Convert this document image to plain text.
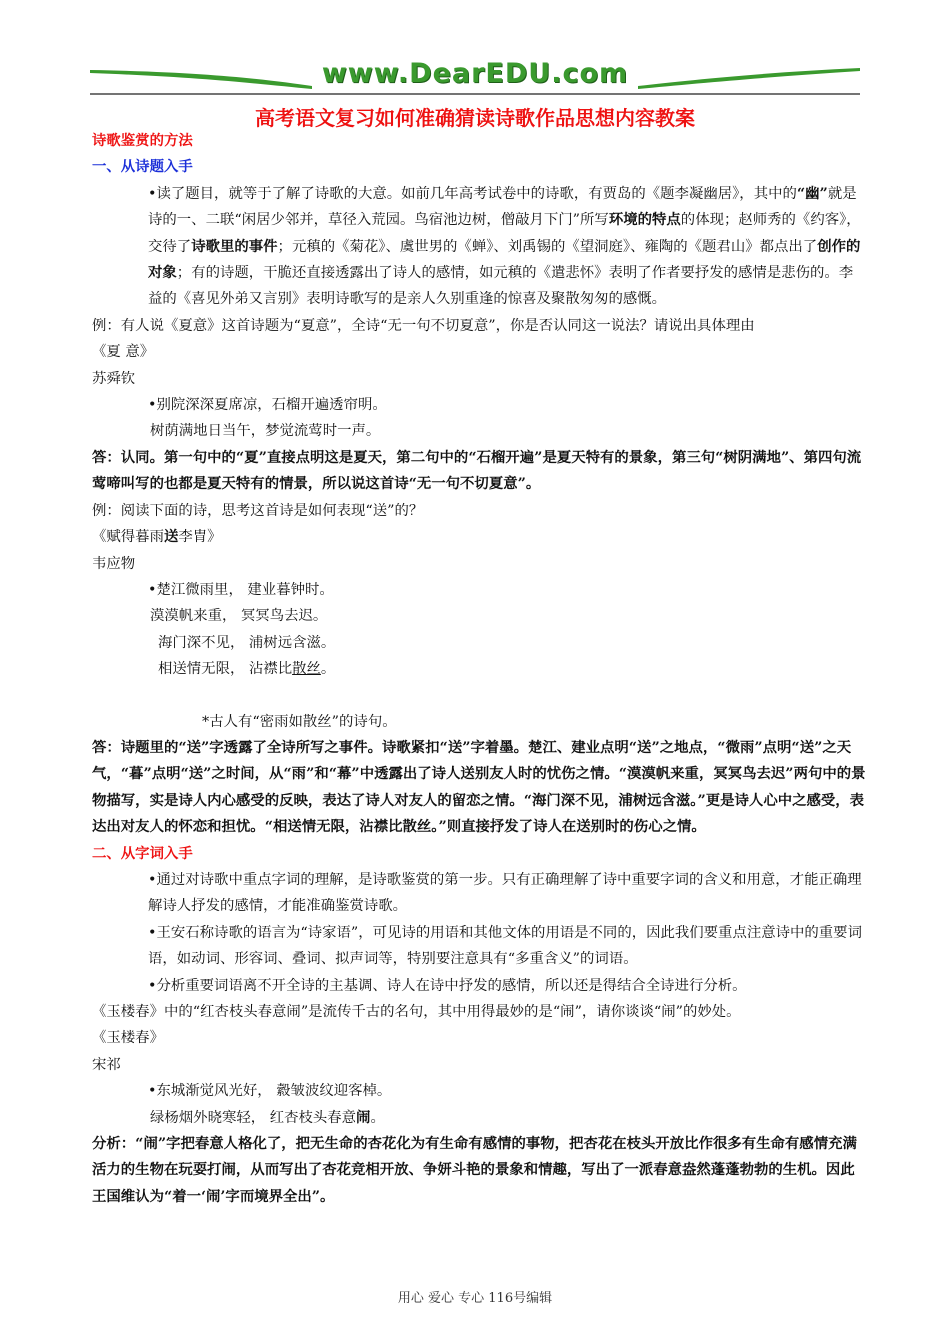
www.DearEDU.com
高考语文复习如何准确猜读诗歌作品思想内容教案

诗歌鉴赏的方法

一、从诗题入手

•读了题目，就等于了解了诗歌的大意。如前几年高考试卷中的诗歌，有贾岛的《题李凝幽居》，其中的“幽”就是诗的一、二联“闲居少邻并，草径入荒园。鸟宿池边树，僧敲月下门”所写环境的特点的体现；赵师秀的《约客》，交待了诗歌里的事件；元稹的《菊花》、虞世男的《蝉》、刘禹锡的《望洞庭》、雍陶的《题君山》都点出了创作的对象；有的诗题，干脆还直接透露出了诗人的感情，如元稹的《遣悲怀》表明了作者要抒发的感情是悲伤的。李益的《喜见外弟又言别》表明诗歌写的是亲人久别重逢的惊喜及聚散匆匆的感慨。

例：有人说《夏意》这首诗题为“夏意”，全诗“无一句不切夏意”，你是否认同这一说法？请说出具体理由

《夏 意》

苏舜钦

•别院深深夏席凉，石榴开遍透帘明。

树荫满地日当午，梦觉流莺时一声。

答：认同。第一句中的“夏”直接点明这是夏天，第二句中的“石榴开遍”是夏天特有的景象，第三句“树阴满地”、第四句流莺啼叫写的也都是夏天特有的情景，所以说这首诗“无一句不切夏意”。

例：阅读下面的诗，思考这首诗是如何表现“送”的？

《赋得暮雨送李胄》

韦应物

•楚江微雨里， 建业暮钟时。

漠漠帆来重， 冥冥鸟去迟。

海门深不见， 浦树远含滋。

相送情无限， 沾襟比散丝。

*古人有“密雨如散丝”的诗句。

答：诗题里的“送”字透露了全诗所写之事件。诗歌紧扣“送”字着墨。楚江、建业点明“送”之地点，“微雨”点明“送”之天气，“暮”点明“送”之时间，从“雨”和“幕”中透露出了诗人送别友人时的忧伤之情。“漠漠帆来重，冥冥鸟去迟”两句中的景物描写，实是诗人内心感受的反映，表达了诗人对友人的留恋之情。“海门深不见，浦树远含滋。”更是诗人心中之感受，表达出对友人的怀恋和担忧。“相送情无限，沾襟比散丝。”则直接抒发了诗人在送别时的伤心之情。

二、从字词入手

•通过对诗歌中重点字词的理解，是诗歌鉴赏的第一步。只有正确理解了诗中重要字词的含义和用意，才能正确理解诗人抒发的感情，才能准确鉴赏诗歌。

•王安石称诗歌的语言为“诗家语”，可见诗的用语和其他文体的用语是不同的，因此我们要重点注意诗中的重要词语，如动词、形容词、叠词、拟声词等，特别要注意具有“多重含义”的词语。

•分析重要词语离不开全诗的主基调、诗人在诗中抒发的感情，所以还是得结合全诗进行分析。

《玉楼春》中的“红杏枝头春意闹”是流传千古的名句，其中用得最妙的是“闹”，请你谈谈“闹”的妙处。

《玉楼春》

宋祁

•东城渐觉风光好， 縠皱波纹迎客棹。

绿杨烟外晓寒轻， 红杏枝头春意闹。

分析：“闹”字把春意人格化了，把无生命的杏花化为有生命有感情的事物，把杏花在枝头开放比作很多有生命有感情充满活力的生物在玩耍打闹，从而写出了杏花竞相开放、争妍斗艳的景象和情趣，写出了一派春意盎然蓬蓬勃勃的生机。因此王国维认为“着一‘闹’字而境界全出”。

用心 爱心 专心 116号编辑
